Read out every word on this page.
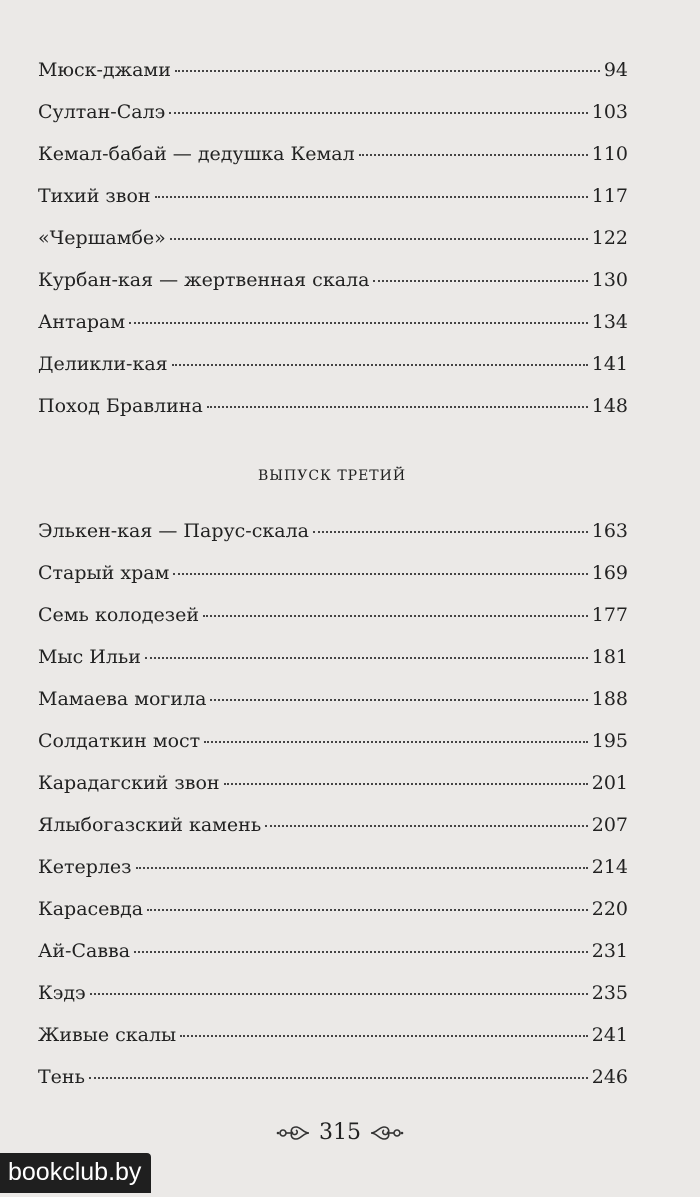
Мюск-джами	94
Султан-Салэ	103
Кемал-бабай — дедушка Кемал	110
Тихий звон	117
«Чершамбе»	122
Курбан-кая — жертвенная скала	130
Антарам	134
Деликли-кая	141
Поход Бравлина	148
ВЫПУСК ТРЕТИЙ
Элькен-кая — Парус-скала	163
Старый храм	169
Семь колодезей	177
Мыс Ильи	181
Мамаева могила	188
Солдаткин мост	195
Карадагский звон	201
Ялыбогазский камень	207
Кетерлез	214
Карасевда	220
Ай-Савва	231
Кэдэ	235
Живые скалы	241
Тень	246
315
bookclub.by
